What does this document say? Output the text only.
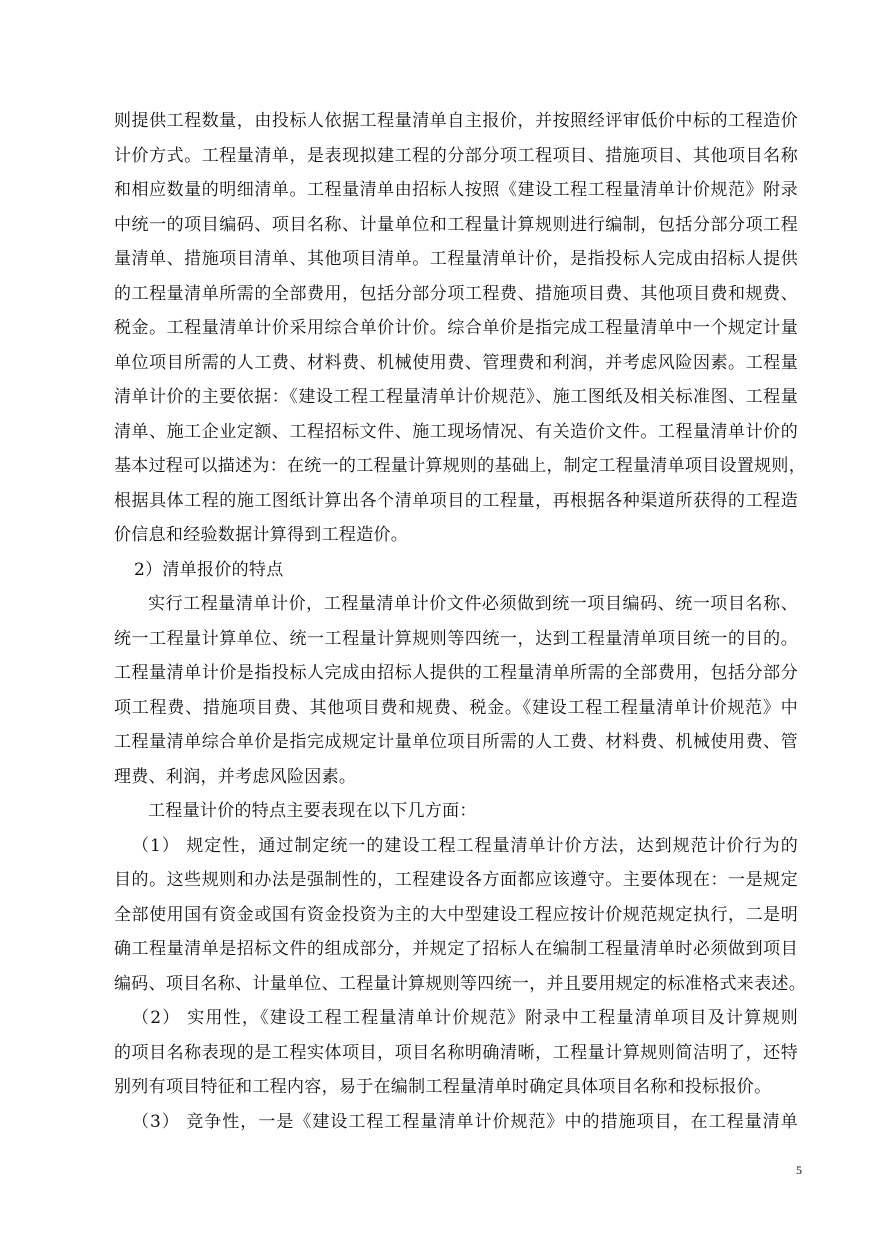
则提供工程数量，由投标人依据工程量清单自主报价，并按照经评审低价中标的工程造价
计价方式。工程量清单，是表现拟建工程的分部分项工程项目、措施项目、其他项目名称
和相应数量的明细清单。工程量清单由招标人按照《建设工程工程量清单计价规范》附录
中统一的项目编码、项目名称、计量单位和工程量计算规则进行编制，包括分部分项工程
量清单、措施项目清单、其他项目清单。工程量清单计价，是指投标人完成由招标人提供
的工程量清单所需的全部费用，包括分部分项工程费、措施项目费、其他项目费和规费、
税金。工程量清单计价采用综合单价计价。综合单价是指完成工程量清单中一个规定计量
单位项目所需的人工费、材料费、机械使用费、管理费和利润，并考虑风险因素。工程量
清单计价的主要依据：《建设工程工程量清单计价规范》、施工图纸及相关标准图、工程量
清单、施工企业定额、工程招标文件、施工现场情况、有关造价文件。工程量清单计价的
基本过程可以描述为：在统一的工程量计算规则的基础上，制定工程量清单项目设置规则，
根据具体工程的施工图纸计算出各个清单项目的工程量，再根据各种渠道所获得的工程造
价信息和经验数据计算得到工程造价。
2）清单报价的特点
实行工程量清单计价，工程量清单计价文件必须做到统一项目编码、统一项目名称、
统一工程量计算单位、统一工程量计算规则等四统一，达到工程量清单项目统一的目的。
工程量清单计价是指投标人完成由招标人提供的工程量清单所需的全部费用，包括分部分
项工程费、措施项目费、其他项目费和规费、税金。《建设工程工程量清单计价规范》中
工程量清单综合单价是指完成规定计量单位项目所需的人工费、材料费、机械使用费、管
理费、利润，并考虑风险因素。
工程量计价的特点主要表现在以下几方面：
（1） 规定性，通过制定统一的建设工程工程量清单计价方法，达到规范计价行为的
目的。这些规则和办法是强制性的，工程建设各方面都应该遵守。主要体现在：一是规定
全部使用国有资金或国有资金投资为主的大中型建设工程应按计价规范规定执行，二是明
确工程量清单是招标文件的组成部分，并规定了招标人在编制工程量清单时必须做到项目
编码、项目名称、计量单位、工程量计算规则等四统一，并且要用规定的标准格式来表述。
（2） 实用性，《建设工程工程量清单计价规范》附录中工程量清单项目及计算规则
的项目名称表现的是工程实体项目，项目名称明确清晰，工程量计算规则简洁明了，还特
别列有项目特征和工程内容，易于在编制工程量清单时确定具体项目名称和投标报价。
（3） 竞争性，一是《建设工程工程量清单计价规范》中的措施项目，在工程量清单
5
